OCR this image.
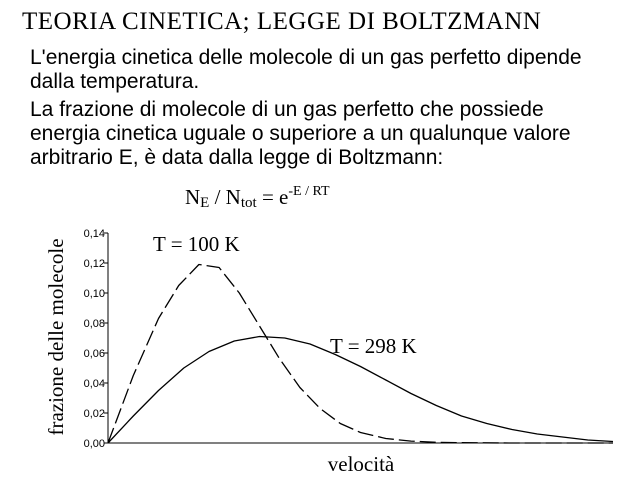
TEORIA CINETICA; LEGGE DI BOLTZMANN
L'energia cinetica delle molecole di un gas perfetto dipende
dalla temperatura.
La frazione di molecole di un gas perfetto che possiede
energia cinetica uguale o superiore a un qualunque valore
arbitrario E, è data dalla legge di Boltzmann:
$N_E / N_{tot} = e^{-E / RT}$
0,00
0,02
0,04
0,06
0,08
0,10
0,12
0,14
frazione delle molecole
velocità
T = 100 K
T = 298 K
